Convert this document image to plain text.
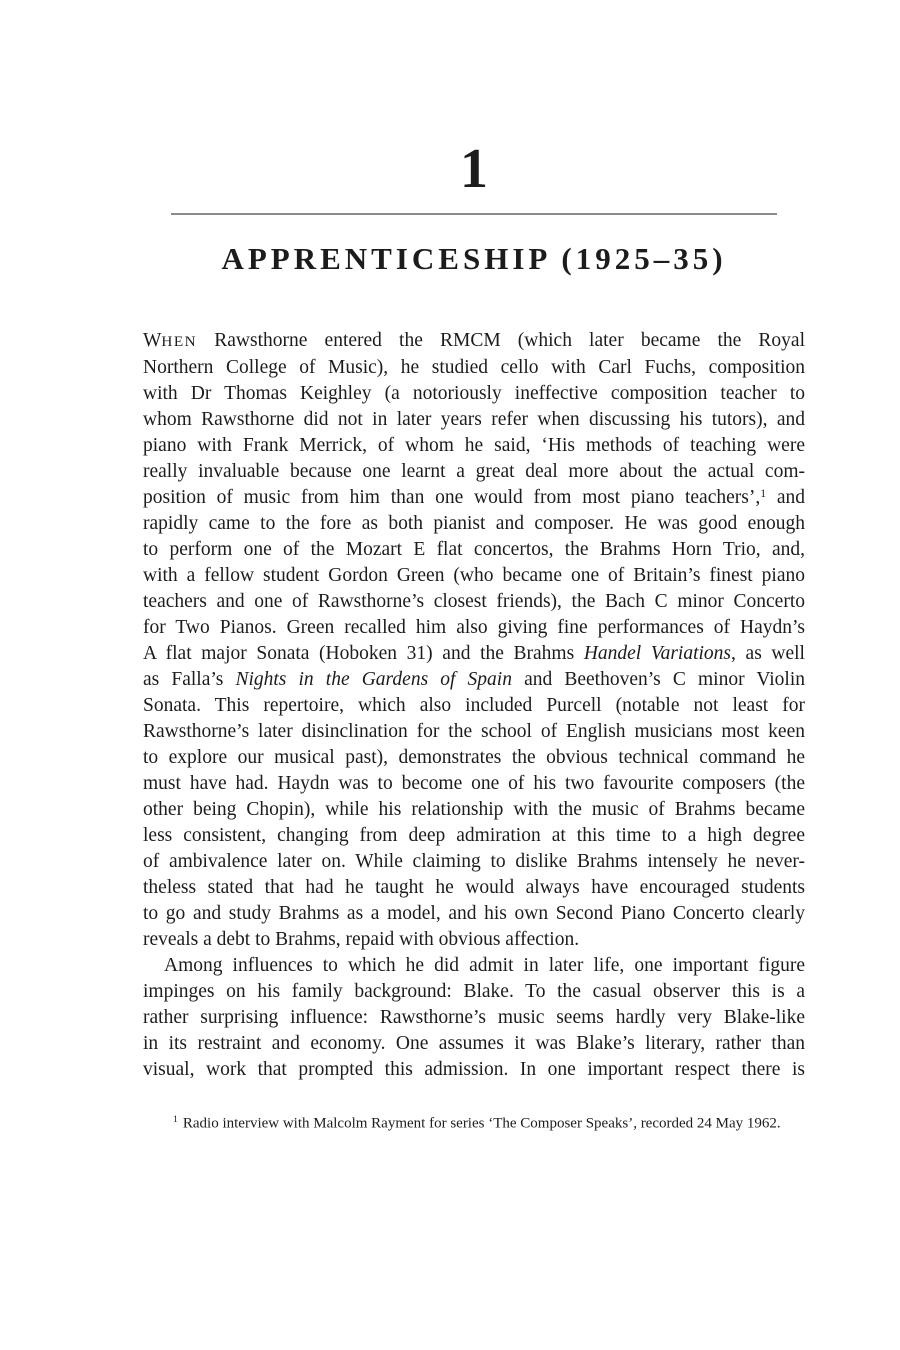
1
APPRENTICESHIP (1925–35)
WHEN Rawsthorne entered the RMCM (which later became the Royal
Northern College of Music), he studied cello with Carl Fuchs, composition
with Dr Thomas Keighley (a notoriously ineffective composition teacher to
whom Rawsthorne did not in later years refer when discussing his tutors), and
piano with Frank Merrick, of whom he said, ‘His methods of teaching were
really invaluable because one learnt a great deal more about the actual com-
position of music from him than one would from most piano teachers’,$^1$ and
rapidly came to the fore as both pianist and composer. He was good enough
to perform one of the Mozart E flat concertos, the Brahms Horn Trio, and,
with a fellow student Gordon Green (who became one of Britain’s finest piano
teachers and one of Rawsthorne’s closest friends), the Bach C minor Concerto
for Two Pianos. Green recalled him also giving fine performances of Haydn’s
A flat major Sonata (Hoboken 31) and the Brahms Handel Variations, as well
as Falla’s Nights in the Gardens of Spain and Beethoven’s C minor Violin
Sonata. This repertoire, which also included Purcell (notable not least for
Rawsthorne’s later disinclination for the school of English musicians most keen
to explore our musical past), demonstrates the obvious technical command he
must have had. Haydn was to become one of his two favourite composers (the
other being Chopin), while his relationship with the music of Brahms became
less consistent, changing from deep admiration at this time to a high degree
of ambivalence later on. While claiming to dislike Brahms intensely he never-
theless stated that had he taught he would always have encouraged students
to go and study Brahms as a model, and his own Second Piano Concerto clearly
reveals a debt to Brahms, repaid with obvious affection.
Among influences to which he did admit in later life, one important figure
impinges on his family background: Blake. To the casual observer this is a
rather surprising influence: Rawsthorne’s music seems hardly very Blake-like
in its restraint and economy. One assumes it was Blake’s literary, rather than
visual, work that prompted this admission. In one important respect there is
$^1$ Radio interview with Malcolm Rayment for series ‘The Composer Speaks’, recorded 24 May 1962.
